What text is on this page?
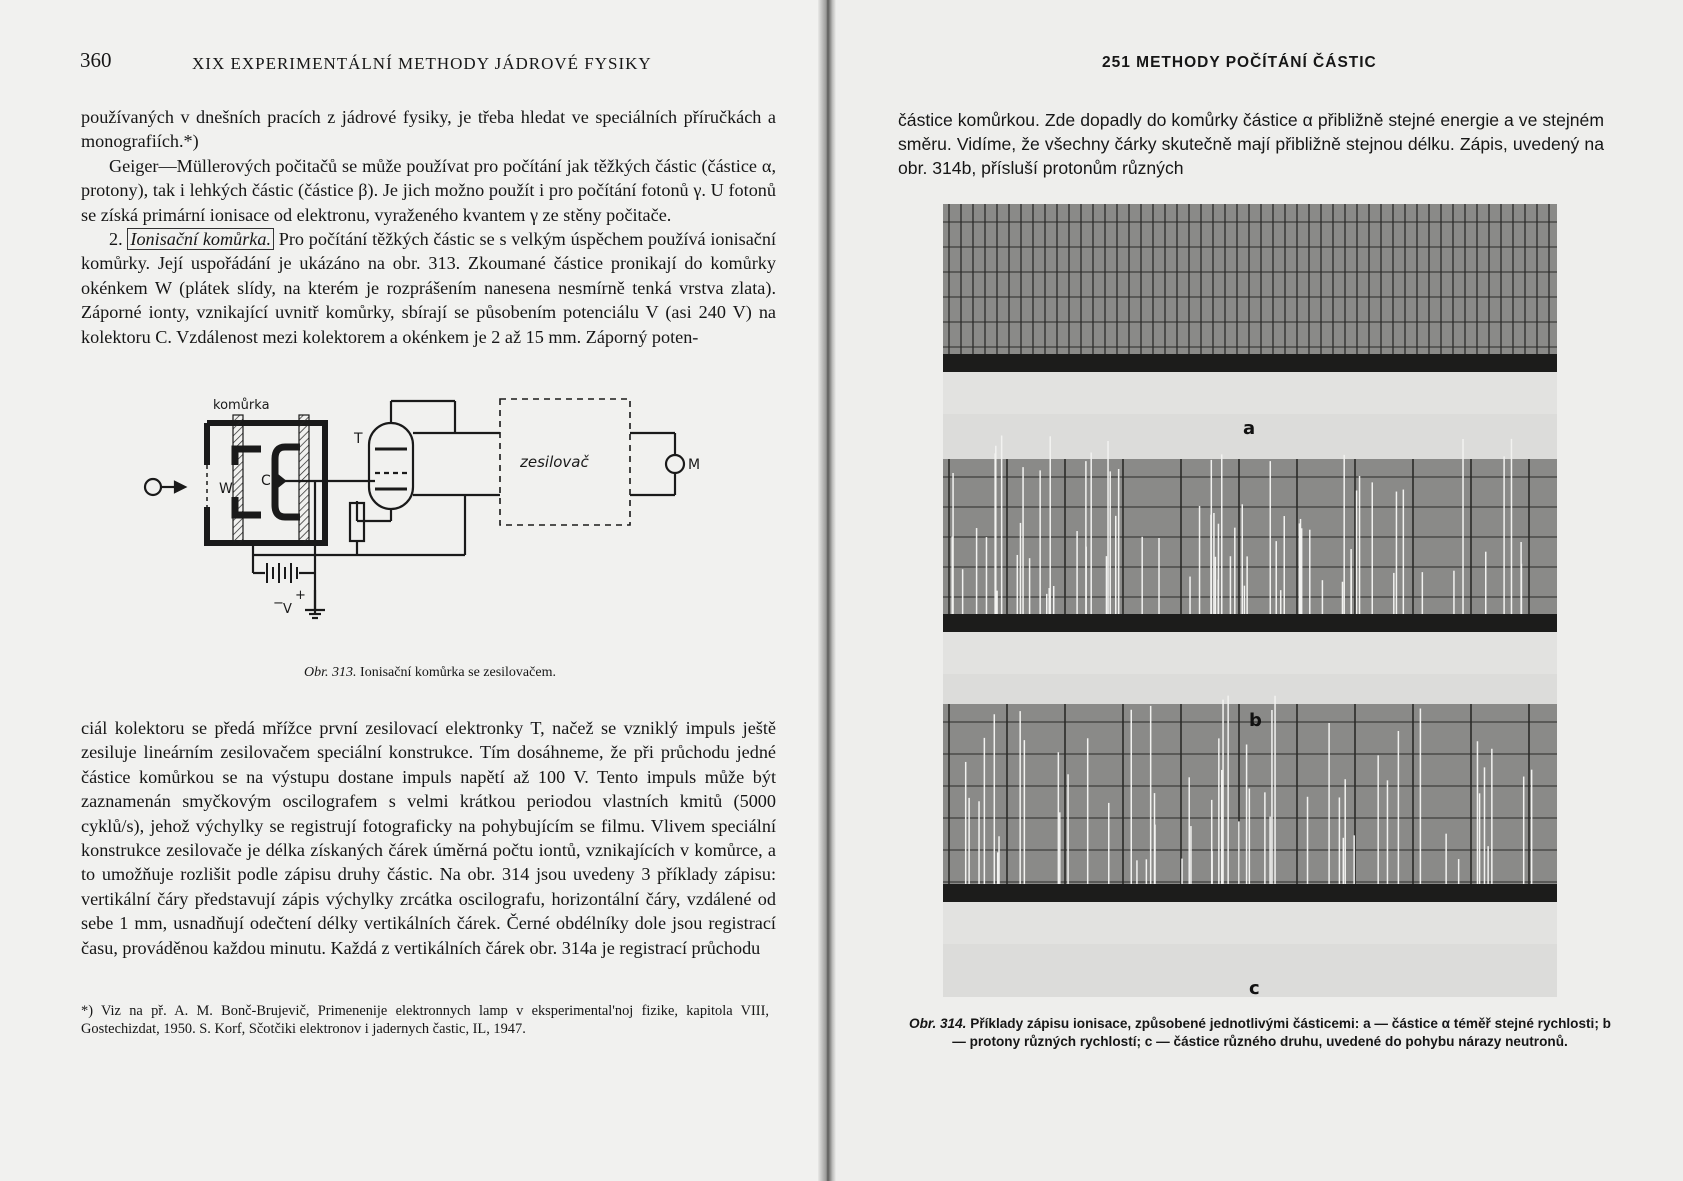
360	XIX EXPERIMENTÁLNÍ METHODY JÁDROVÉ FYSIKY

používaných v dnešních pracích z jádrové fysiky, je třeba hledat ve speciálních příručkách a monografiích.*)

Geiger—Müllerových počitačů se může používat pro počítání jak těžkých částic (částice α, protony), tak i lehkých částic (částice β). Je jich možno použít i pro počítání fotonů γ. U fotonů se získá primární ionisace od elektronu, vyraženého kvantem γ ze stěny počitače.

2. Ionisační komůrka. Pro počítání těžkých částic se s velkým úspěchem používá ionisační komůrky. Její uspořádání je ukázáno na obr. 313. Zkoumané částice pronikají do komůrky okénkem W (plátek slídy, na kterém je rozprášením nanesena nesmírně tenká vrstva zlata). Záporné ionty, vznikající uvnitř komůrky, sbírají se působením potenciálu V (asi 240 V) na kolektoru C. Vzdálenost mezi kolektorem a okénkem je 2 až 15 mm. Záporný poten-

komůrka
T
C
W
zesilovač	M
− V
+
Obr. 313. Ionisační komůrka se zesilovačem.

ciál kolektoru se předá mřížce první zesilovací elektronky T, načež se vzniklý impuls ještě zesiluje lineárním zesilovačem speciální konstrukce. Tím dosáhneme, že při průchodu jedné částice komůrkou se na výstupu dostane impuls napětí až 100 V. Tento impuls může být zaznamenán smyčkovým oscilografem s velmi krátkou periodou vlastních kmitů (5000 cyklů/s), jehož výchylky se registrují fotograficky na pohybujícím se filmu. Vlivem speciální konstrukce zesilovače je délka získaných čárek úměrná počtu iontů, vznikajících v komůrce, a to umožňuje rozlišit podle zápisu druhy částic. Na obr. 314 jsou uvedeny 3 příklady zápisu: vertikální čáry představují zápis výchylky zrcátka oscilografu, horizontální čáry, vzdálené od sebe 1 mm, usnadňují odečtení délky vertikálních čárek. Černé obdélníky dole jsou registrací času, prováděnou každou minutu. Každá z vertikálních čárek obr. 314a je registrací průchodu

*) Viz na př. A. M. Bonč-Brujevič, Primenenije elektronnych lamp v eksperimental'noj fizike, kapitola VIII, Gostechizdat, 1950. S. Korf, Sčotčiki elektronov i jadernych častic, IL, 1947.
251 METHODY POČÍTÁNÍ ČÁSTIC

částice komůrkou. Zde dopadly do komůrky částice α přibližně stejné energie a ve stejném směru. Vidíme, že všechny čárky skutečně mají přibližně stejnou délku. Zápis, uvedený na obr. 314b, přísluší protonům různých

Obr. 314. Příklady zápisu ionisace, způsobené jednotlivými částicemi: a — částice α téměř stejné rychlosti; b — protony různých rychlostí; c — částice různého druhu, uvedené do pohybu nárazy neutronů.
a
b
c
